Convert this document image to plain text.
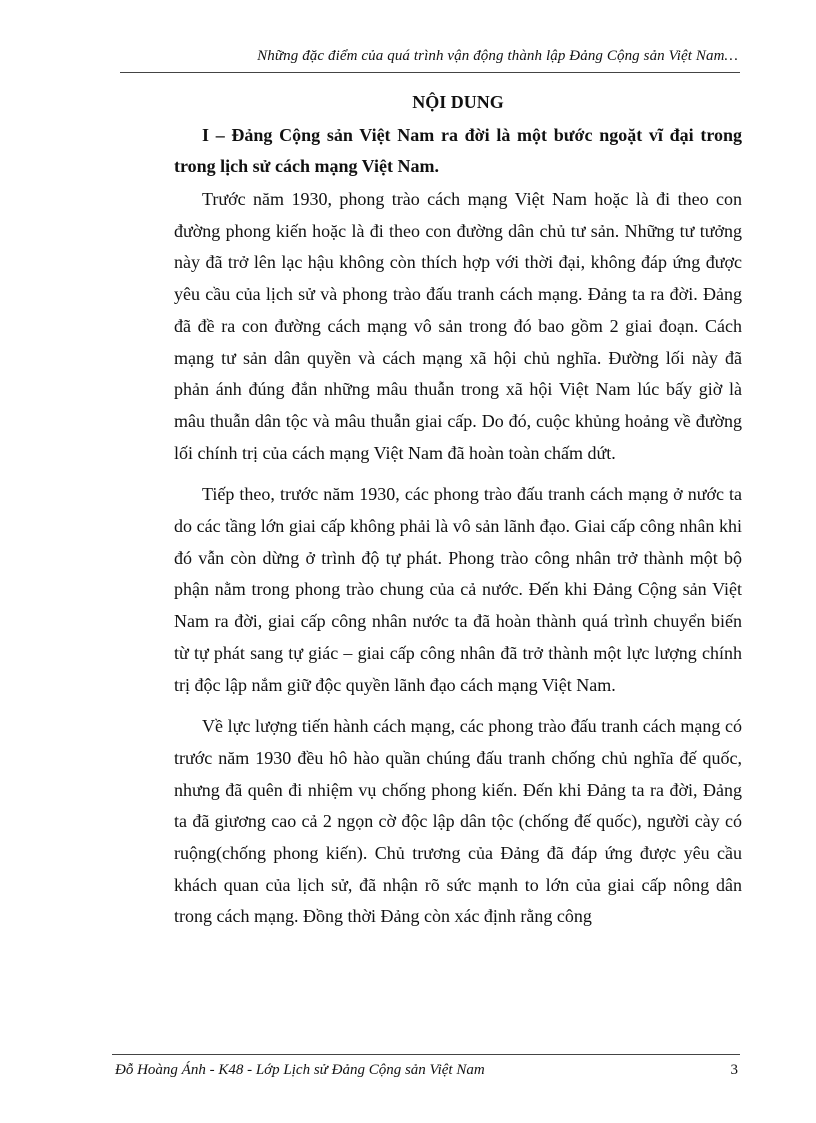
Những đặc điểm của quá trình vận động thành lập Đảng Cộng sản Việt Nam…
NỘI DUNG
I – Đảng Cộng sản Việt Nam ra đời là một bước ngoặt vĩ đại trong trong lịch sử cách mạng Việt Nam.

Trước năm 1930, phong trào cách mạng Việt Nam hoặc là đi theo con đường phong kiến hoặc là đi theo con đường dân chủ tư sản. Những tư tưởng này đã trở lên lạc hậu không còn thích hợp với thời đại, không đáp ứng được yêu cầu của lịch sử và phong trào đấu tranh cách mạng. Đảng ta ra đời. Đảng đã đề ra con đường cách mạng vô sản trong đó bao gồm 2 giai đoạn. Cách mạng tư sản dân quyền và cách mạng xã hội chủ nghĩa. Đường lối này đã phản ánh đúng đắn những mâu thuẫn trong xã hội Việt Nam lúc bấy giờ là mâu thuẫn dân tộc và mâu thuẫn giai cấp. Do đó, cuộc khủng hoảng về đường lối chính trị của cách mạng Việt Nam đã hoàn toàn chấm dứt.

Tiếp theo, trước năm 1930, các phong trào đấu tranh cách mạng ở nước ta do các tầng lớn giai cấp không phải là vô sản lãnh đạo. Giai cấp công nhân khi đó vẫn còn dừng ở trình độ tự phát. Phong trào công nhân trở thành một bộ phận nằm trong phong trào chung của cả nước. Đến khi Đảng Cộng sản Việt Nam ra đời, giai cấp công nhân nước ta đã hoàn thành quá trình chuyển biến từ tự phát sang tự giác – giai cấp công nhân đã trở thành một lực lượng chính trị độc lập nắm giữ độc quyền lãnh đạo cách mạng Việt Nam.

Về lực lượng tiến hành cách mạng, các phong trào đấu tranh cách mạng có trước năm 1930 đều hô hào quần chúng đấu tranh chống chủ nghĩa đế quốc, nhưng đã quên đi nhiệm vụ chống phong kiến. Đến khi Đảng ta ra đời, Đảng ta đã giương cao cả 2 ngọn cờ độc lập dân tộc (chống đế quốc), người cày có ruộng(chống phong kiến). Chủ trương của Đảng đã đáp ứng được yêu cầu khách quan của lịch sử, đã nhận rõ sức mạnh to lớn của giai cấp nông dân trong cách mạng. Đồng thời Đảng còn xác định rằng công

Đỗ Hoàng Ánh - K48 - Lớp Lịch sử Đảng Cộng sản Việt Nam	3
